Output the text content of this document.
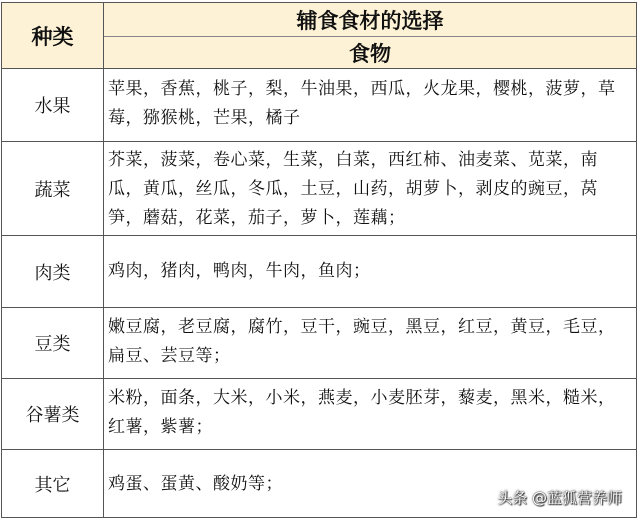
种类
辅食食材的选择
食物
水果
苹果，香蕉，桃子，梨，牛油果，西瓜，火龙果，樱桃，菠萝，草莓，猕猴桃，芒果，橘子
蔬菜
芥菜，菠菜，卷心菜，生菜，白菜，西红柿、油麦菜、苋菜，南瓜，黄瓜，丝瓜，冬瓜，土豆，山药，胡萝卜，剥皮的豌豆，莴笋，蘑菇，花菜，茄子，萝卜，莲藕；
肉类	鸡肉，猪肉，鸭肉，牛肉，鱼肉；
豆类
嫩豆腐，老豆腐，腐竹，豆干，豌豆，黑豆，红豆，黄豆，毛豆，扁豆、芸豆等；
谷薯类
米粉，面条，大米，小米，燕麦，小麦胚芽，藜麦，黑米，糙米，红薯，紫薯；
其它	鸡蛋、蛋黄、酸奶等；
头条 @蓝狐营养师
